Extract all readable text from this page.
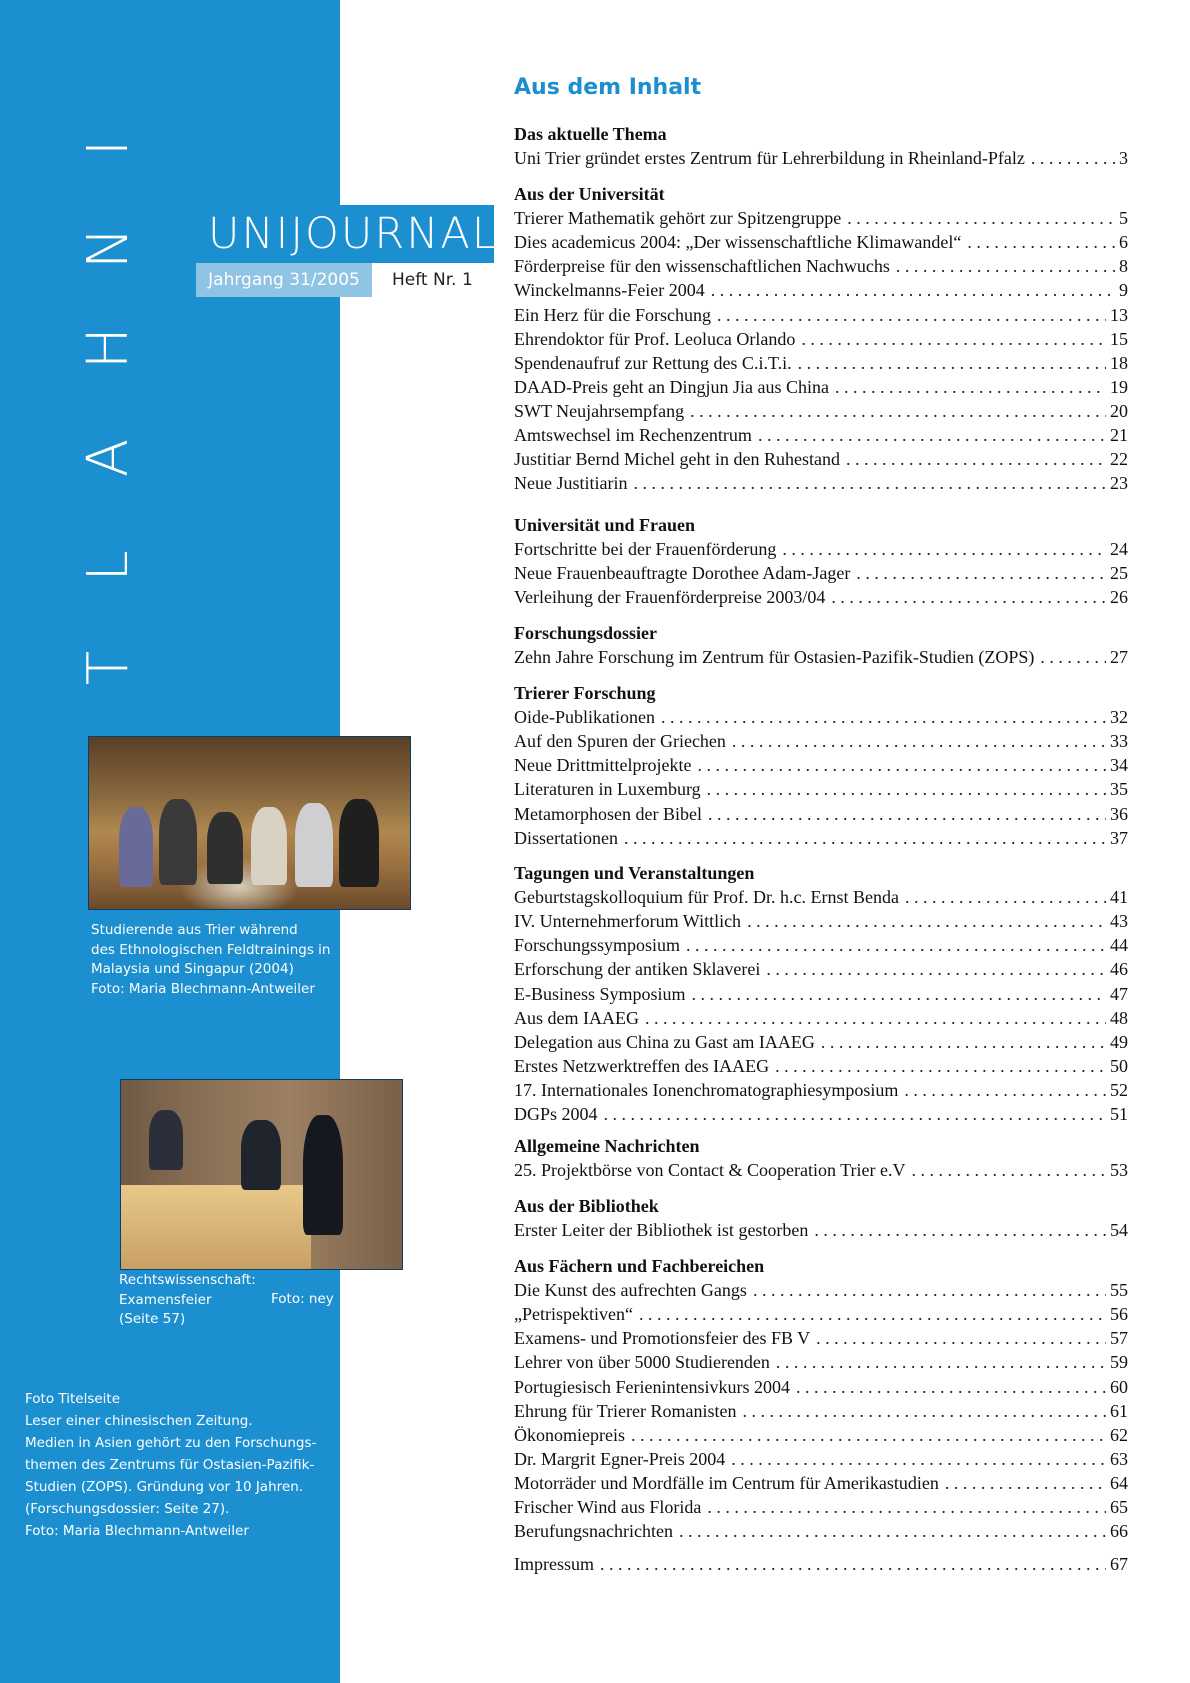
I
N
H
A
L
T
Studierende aus Trier während
des Ethnologischen Feldtrainings in
Malaysia und Singapur (2004)
Foto: Maria Blechmann-Antweiler
Rechtswissenschaft:
Examensfeier
(Seite 57)
Foto: ney
Foto Titelseite
Leser einer chinesischen Zeitung.
Medien in Asien gehört zu den Forschungs-
themen des Zentrums für Ostasien-Pazifik-
Studien (ZOPS). Gründung vor 10 Jahren.
(Forschungsdossier: Seite 27).
Foto: Maria Blechmann-Antweiler
UNIJOURNAL
Jahrgang 31/2005	Heft Nr. 1
Aus dem Inhalt
Das aktuelle Thema
Uni Trier gründet erstes Zentrum für Lehrerbildung in Rheinland-Pfalz . . .	3
Aus der Universität
Trierer Mathematik gehört zur Spitzengruppe . . .	5
Dies academicus 2004: „Der wissenschaftliche Klimawandel“ . . .	6
Förderpreise für den wissenschaftlichen Nachwuchs . . .	8
Winckelmanns-Feier 2004 . . .	9
Ein Herz für die Forschung . . .	13
Ehrendoktor für Prof. Leoluca Orlando . . .	15
Spendenaufruf zur Rettung des C.i.T.i. . . .	18
DAAD-Preis geht an Dingjun Jia aus China . . .	19
SWT Neujahrsempfang . . .	20
Amtswechsel im Rechenzentrum . . .	21
Justitiar Bernd Michel geht in den Ruhestand . . .	22
Neue Justitiarin . . .	23
Universität und Frauen
Fortschritte bei der Frauenförderung . . .	24
Neue Frauenbeauftragte Dorothee Adam-Jager . . .	25
Verleihung der Frauenförderpreise 2003/04 . . .	26
Forschungsdossier
Zehn Jahre Forschung im Zentrum für Ostasien-Pazifik-Studien (ZOPS) . . .	27
Trierer Forschung
Oide-Publikationen . . .	32
Auf den Spuren der Griechen . . .	33
Neue Drittmittelprojekte . . .	34
Literaturen in Luxemburg . . .	35
Metamorphosen der Bibel . . .	36
Dissertationen . . .	37
Tagungen und Veranstaltungen
Geburtstagskolloquium für Prof. Dr. h.c. Ernst Benda . . .	41
IV. Unternehmerforum Wittlich . . .	43
Forschungssymposium . . .	44
Erforschung der antiken Sklaverei . . .	46
E-Business Symposium . . .	47
Aus dem IAAEG . . .	48
Delegation aus China zu Gast am IAAEG . . .	49
Erstes Netzwerktreffen des IAAEG . . .	50
17. Internationales Ionenchromatographiesymposium . . .	52
DGPs 2004 . . .	51
Allgemeine Nachrichten
25. Projektbörse von Contact & Cooperation Trier e.V . . .	53
Aus der Bibliothek
Erster Leiter der Bibliothek ist gestorben . . .	54
Aus Fächern und Fachbereichen
Die Kunst des aufrechten Gangs . . .	55
„Petrispektiven“ . . .	56
Examens- und Promotionsfeier des FB V . . .	57
Lehrer von über 5000 Studierenden . . .	59
Portugiesisch Ferienintensivkurs 2004 . . .	60
Ehrung für Trierer Romanisten . . .	61
Ökonomiepreis . . .	62
Dr. Margrit Egner-Preis 2004 . . .	63
Motorräder und Mordfälle im Centrum für Amerikastudien . . .	64
Frischer Wind aus Florida . . .	65
Berufungsnachrichten . . .	66
Impressum . . .	67
